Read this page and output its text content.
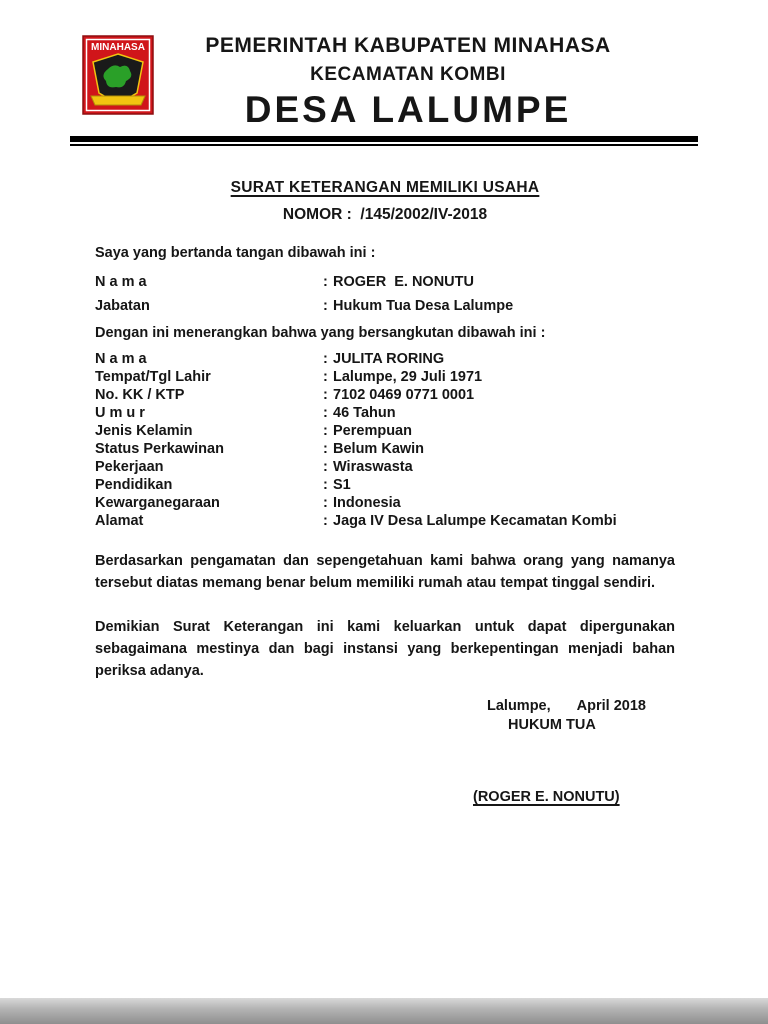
MINAHASA	PEMERINTAH KABUPATEN MINAHASA
KECAMATAN KOMBI
DESA LALUMPE
SURAT KETERANGAN MEMILIKI USAHA
NOMOR :  /145/2002/IV-2018
Saya yang bertanda tangan dibawah ini :
N a m a	: ROGER  E. NONUTU
Jabatan	: Hukum Tua Desa Lalumpe
Dengan ini menerangkan bahwa yang bersangkutan dibawah ini :
N a m a	: JULITA RORING
Tempat/Tgl Lahir	: Lalumpe, 29 Juli 1971
No. KK / KTP	: 7102 0469 0771 0001
U m u r	: 46 Tahun
Jenis Kelamin	: Perempuan
Status Perkawinan	: Belum Kawin
Pekerjaan	: Wiraswasta
Pendidikan	: S1
Kewarganegaraan	: Indonesia
Alamat	: Jaga IV Desa Lalumpe Kecamatan Kombi
Berdasarkan pengamatan dan sepengetahuan kami bahwa orang yang namanya tersebut diatas memang benar belum memiliki rumah atau tempat tinggal sendiri.
Demikian Surat Keterangan ini kami keluarkan untuk dapat dipergunakan sebagaimana mestinya dan bagi instansi yang berkepentingan menjadi bahan periksa adanya.
Lalumpe, April 2018
HUKUM TUA
(ROGER E. NONUTU)
